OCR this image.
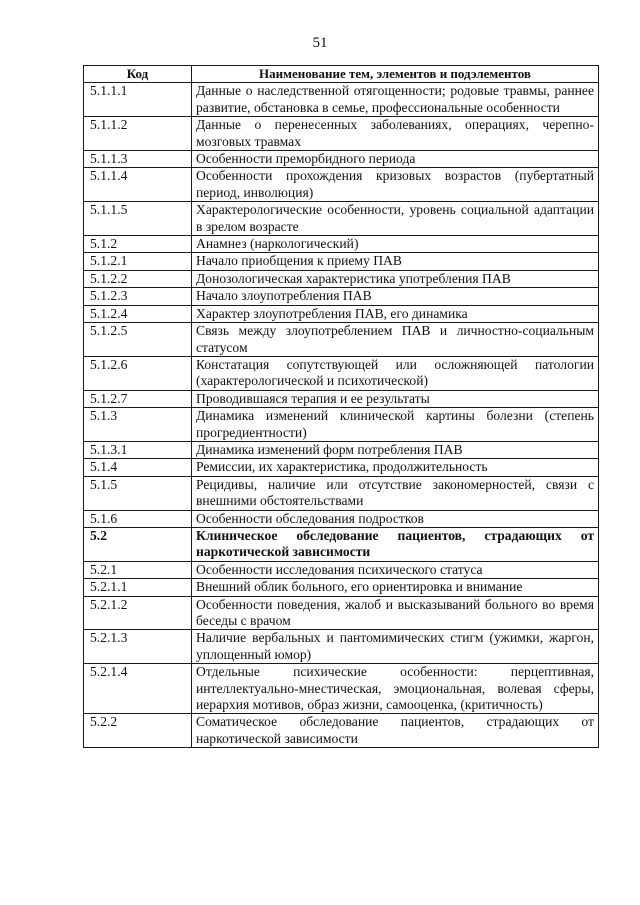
51
Код	Наименование тем, элементов и подэлементов
5.1.1.1	Данные о наследственной отягощенности; родовые травмы, раннее развитие, обстановка в семье, профессиональные особенности
5.1.1.2	Данные о перенесенных заболеваниях, операциях, черепно-мозговых травмах
5.1.1.3	Особенности преморбидного периода
5.1.1.4	Особенности прохождения кризовых возрастов (пубертатный период, инволюция)
5.1.1.5	Характерологические особенности, уровень социальной адаптации в зрелом возрасте
5.1.2	Анамнез (наркологический)
5.1.2.1	Начало приобщения к приему ПАВ
5.1.2.2	Донозологическая характеристика употребления ПАВ
5.1.2.3	Начало злоупотребления ПАВ
5.1.2.4	Характер злоупотребления ПАВ, его динамика
5.1.2.5	Связь между злоупотреблением ПАВ и личностно-социальным статусом
5.1.2.6	Констатация сопутствующей или осложняющей патологии (характерологической и психотической)
5.1.2.7	Проводившаяся терапия и ее результаты
5.1.3	Динамика изменений клинической картины болезни (степень прогредиентности)
5.1.3.1	Динамика изменений форм потребления ПАВ
5.1.4	Ремиссии, их характеристика, продолжительность
5.1.5	Рецидивы, наличие или отсутствие закономерностей, связи с внешними обстоятельствами
5.1.6	Особенности обследования подростков
5.2	Клиническое обследование пациентов, страдающих от наркотической зависимости
5.2.1	Особенности исследования психического статуса
5.2.1.1	Внешний облик больного, его ориентировка и внимание
5.2.1.2	Особенности поведения, жалоб и высказываний больного во время беседы с врачом
5.2.1.3	Наличие вербальных и пантомимических стигм (ужимки, жаргон, уплощенный юмор)
5.2.1.4	Отдельные психические особенности: перцептивная, интеллектуально-мнестическая, эмоциональная, волевая сферы, иерархия мотивов, образ жизни, самооценка, (критичность)
5.2.2	Соматическое обследование пациентов, страдающих от наркотической зависимости
